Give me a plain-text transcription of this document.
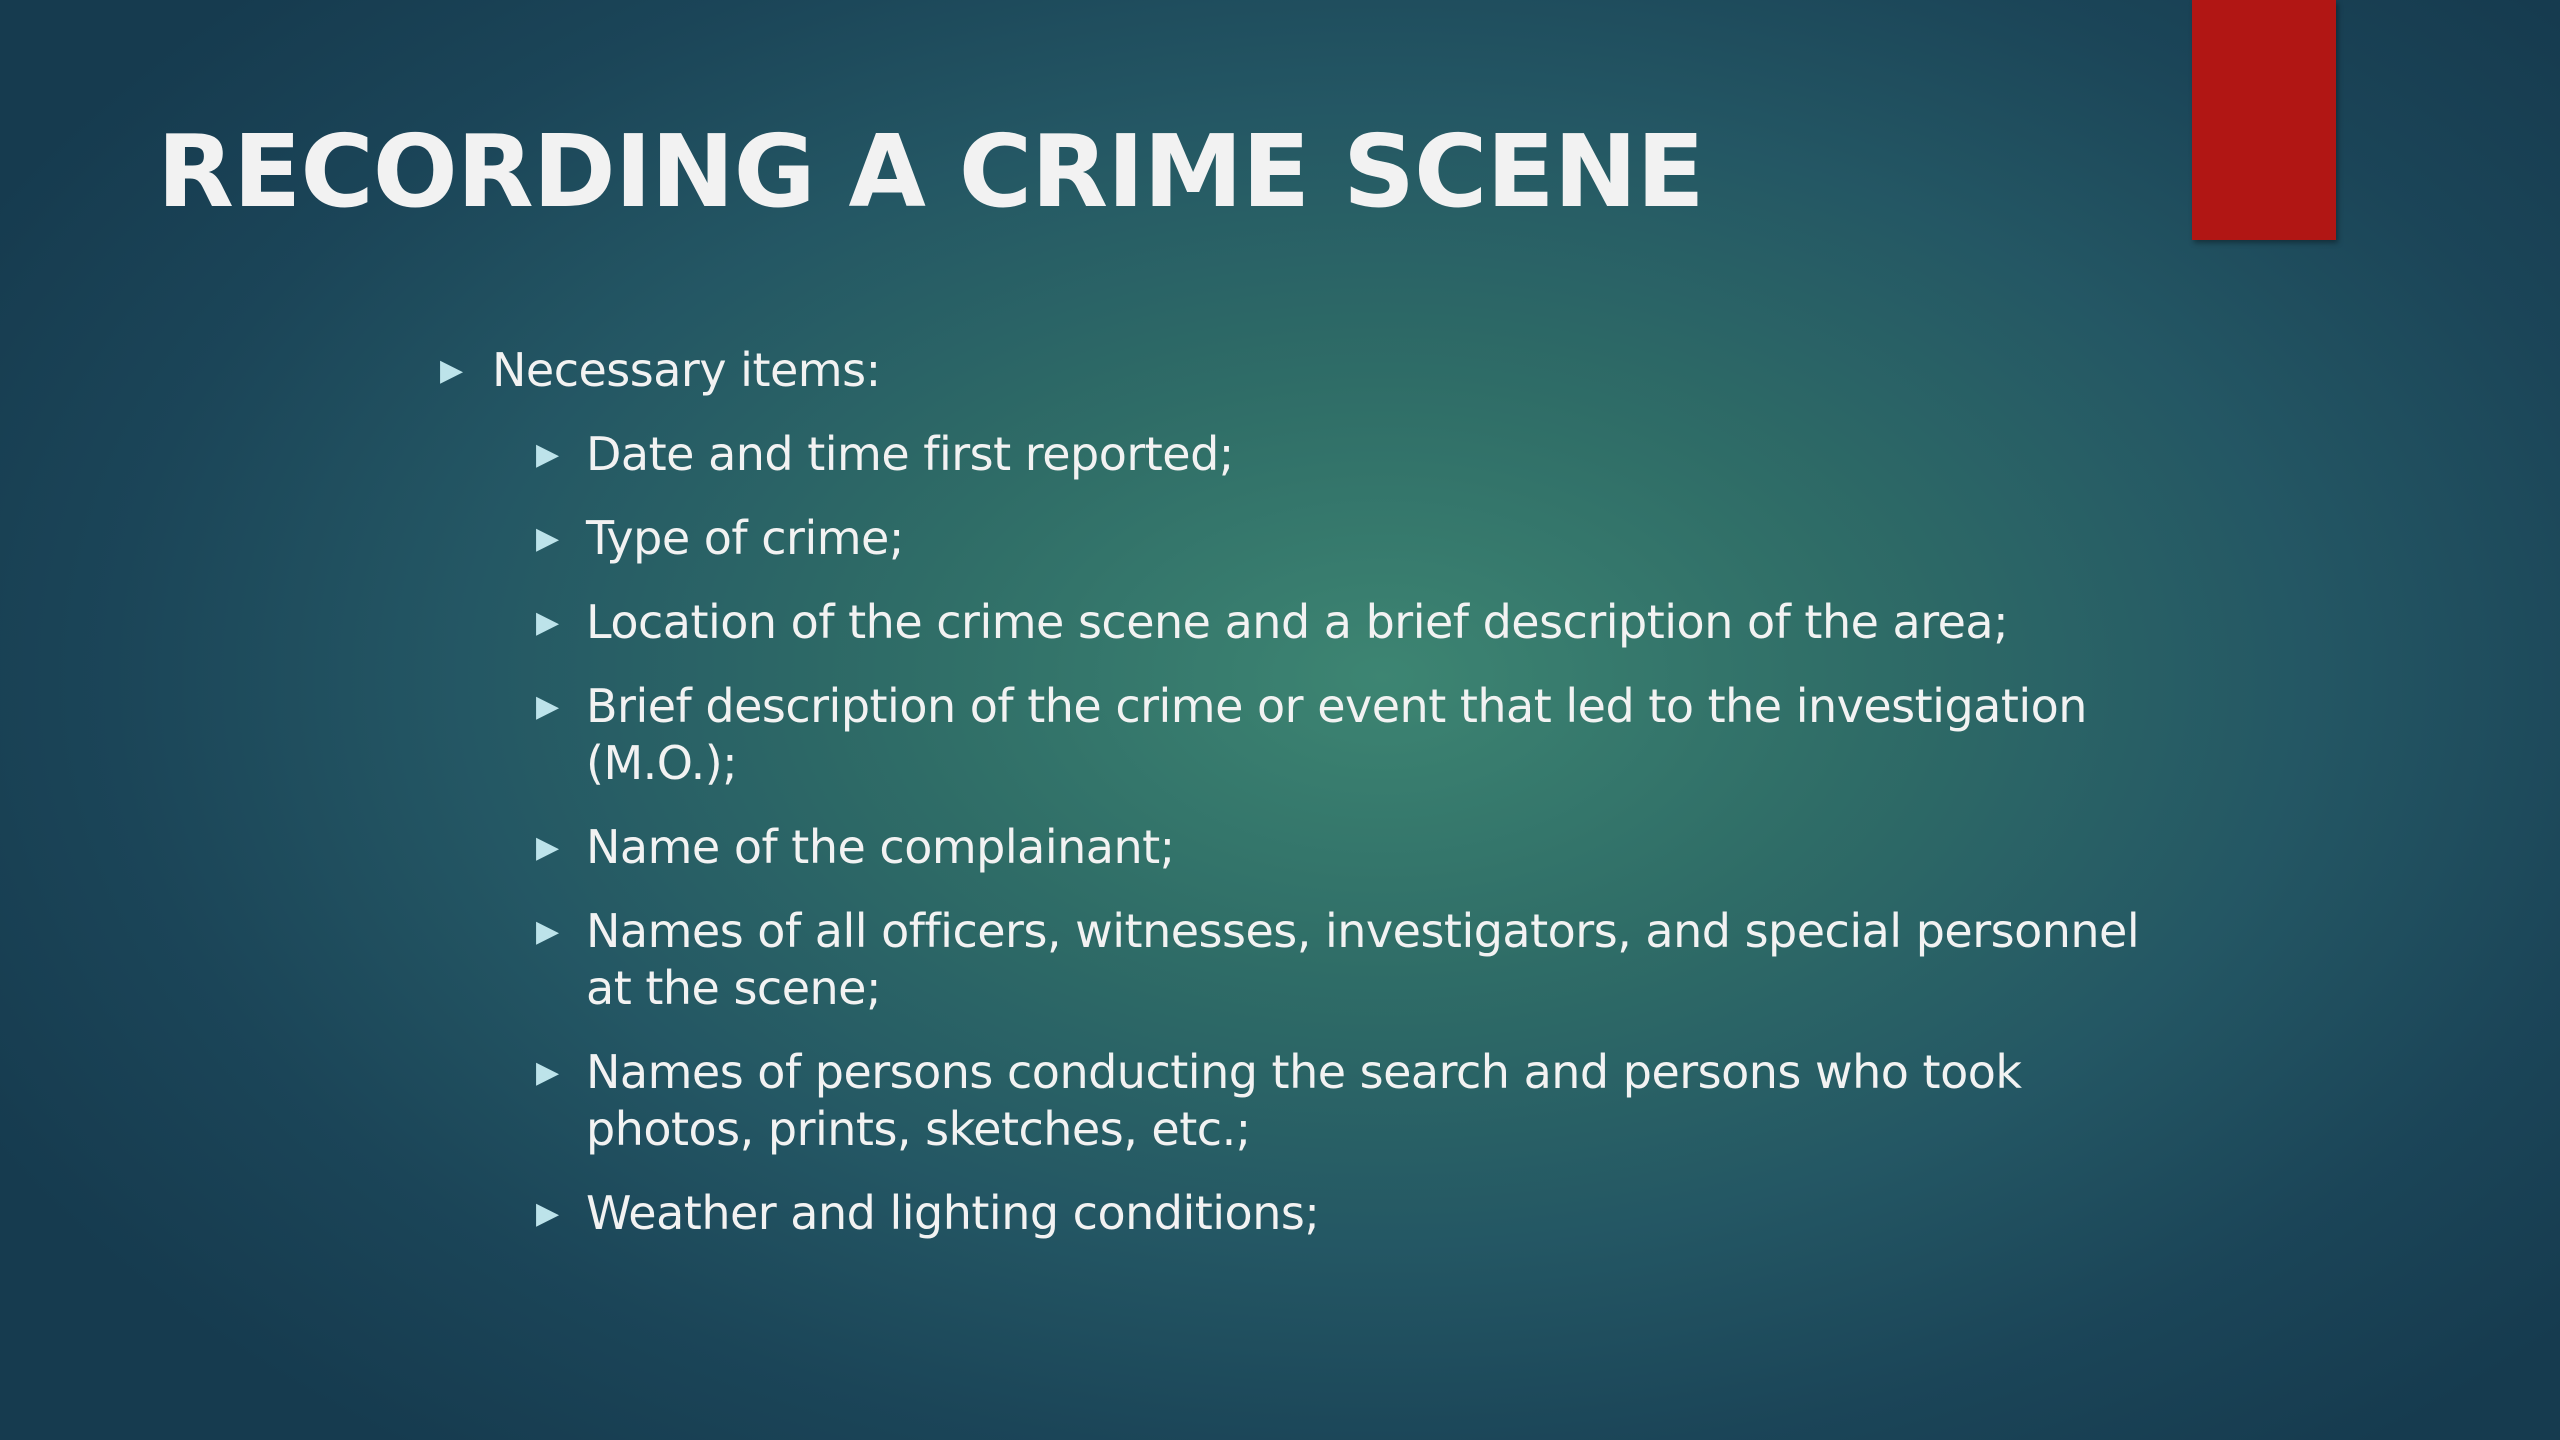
RECORDING A CRIME SCENE
▶ Necessary items:
▶ Date and time first reported;
▶ Type of crime;
▶ Location of the crime scene and a brief description of the area;
▶ Brief description of the crime or event that led to the investigation (M.O.);
▶ Name of the complainant;
▶ Names of all officers, witnesses, investigators, and special personnel at the scene;
▶ Names of persons conducting the search and persons who took photos, prints, sketches, etc.;
▶ Weather and lighting conditions;
